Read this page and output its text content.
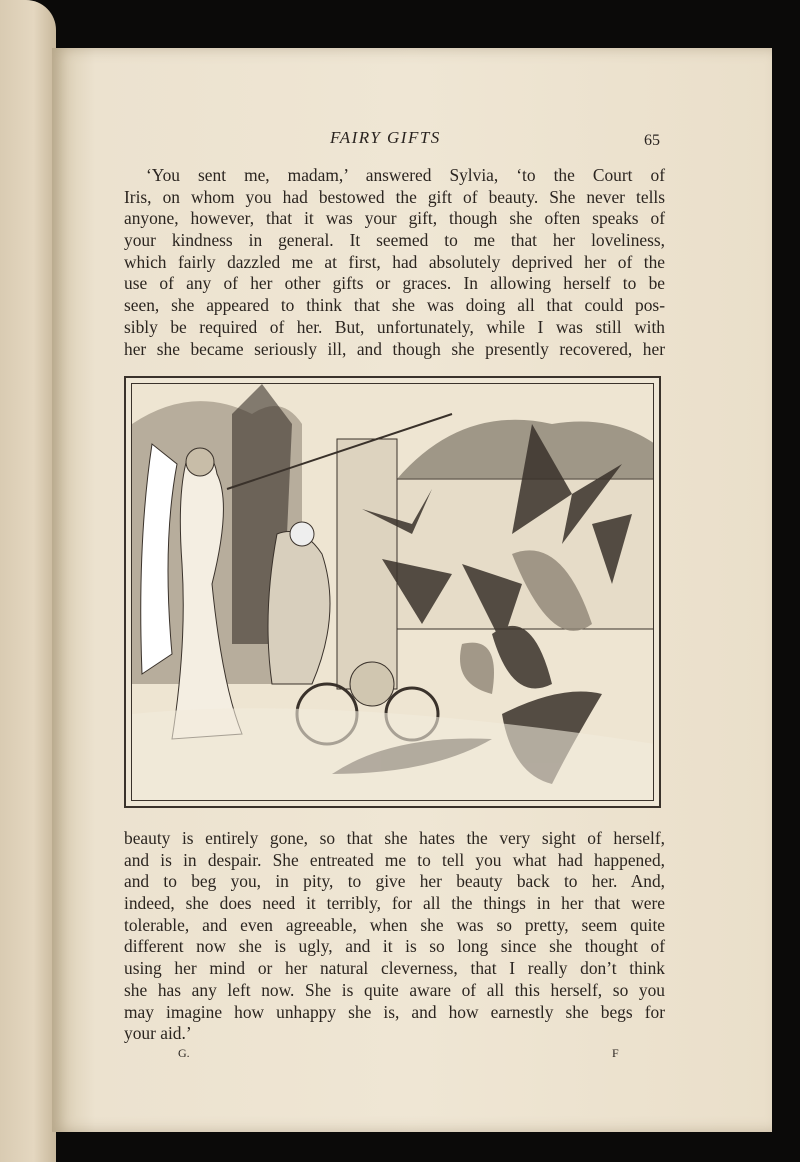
FAIRY GIFTS	65
‘You sent me, madam,’ answered Sylvia, ‘to the Court of
Iris, on whom you had bestowed the gift of beauty. She never tells
anyone, however, that it was your gift, though she often speaks of
your kindness in general. It seemed to me that her loveliness,
which fairly dazzled me at first, had absolutely deprived her of the
use of any of her other gifts or graces. In allowing herself to be
seen, she appeared to think that she was doing all that could pos-
sibly be required of her. But, unfortunately, while I was still with
her she became seriously ill, and though she presently recovered, her
beauty is entirely gone, so that she hates the very sight of herself,
and is in despair. She entreated me to tell you what had happened,
and to beg you, in pity, to give her beauty back to her. And,
indeed, she does need it terribly, for all the things in her that were
tolerable, and even agreeable, when she was so pretty, seem quite
different now she is ugly, and it is so long since she thought of
using her mind or her natural cleverness, that I really don’t think
she has any left now. She is quite aware of all this herself, so you
may imagine how unhappy she is, and how earnestly she begs for
your aid.’
G.	F
